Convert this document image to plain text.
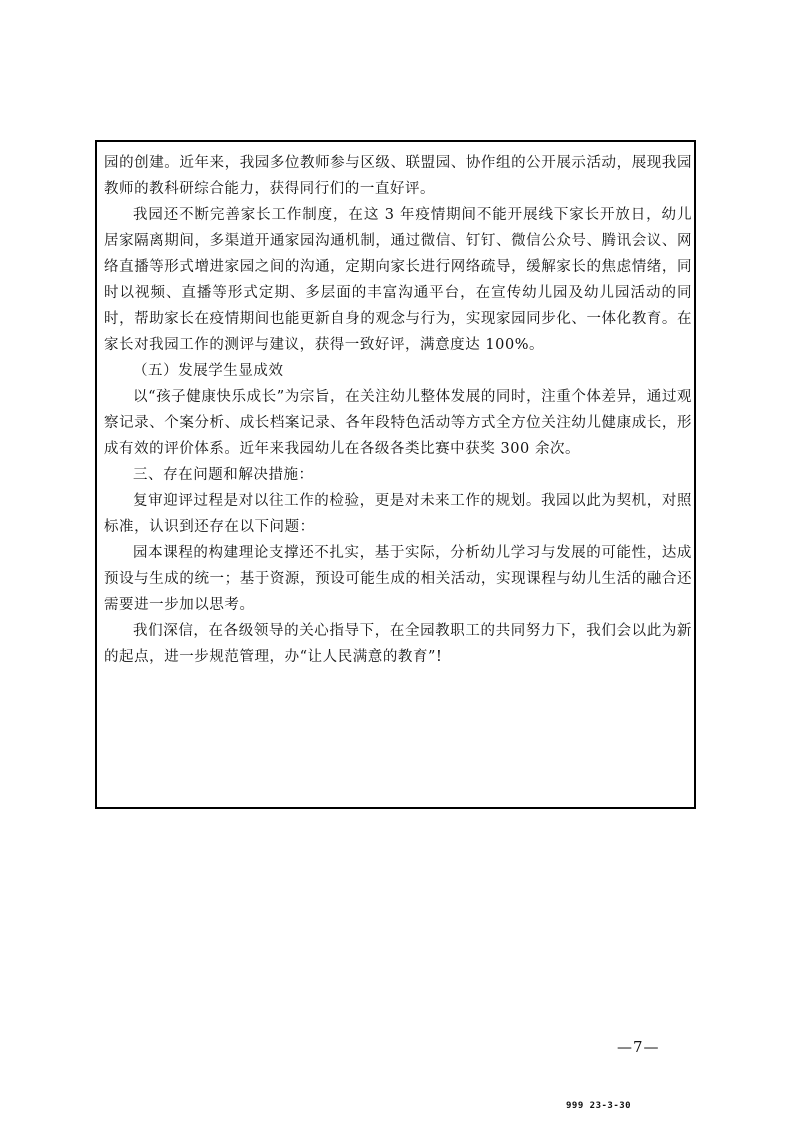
园的创建。近年来，我园多位教师参与区级、联盟园、协作组的公开展示活动，展现我园教师的教科研综合能力，获得同行们的一直好评。

我园还不断完善家长工作制度，在这 3 年疫情期间不能开展线下家长开放日，幼儿居家隔离期间，多渠道开通家园沟通机制，通过微信、钉钉、微信公众号、腾讯会议、网络直播等形式增进家园之间的沟通，定期向家长进行网络疏导，缓解家长的焦虑情绪，同时以视频、直播等形式定期、多层面的丰富沟通平台，在宣传幼儿园及幼儿园活动的同时，帮助家长在疫情期间也能更新自身的观念与行为，实现家园同步化、一体化教育。在家长对我园工作的测评与建议，获得一致好评，满意度达 100%。

（五）发展学生显成效

以“孩子健康快乐成长”为宗旨，在关注幼儿整体发展的同时，注重个体差异，通过观察记录、个案分析、成长档案记录、各年段特色活动等方式全方位关注幼儿健康成长，形成有效的评价体系。近年来我园幼儿在各级各类比赛中获奖 300 余次。

三、存在问题和解决措施：

复审迎评过程是对以往工作的检验，更是对未来工作的规划。我园以此为契机，对照标准，认识到还存在以下问题：

园本课程的构建理论支撑还不扎实，基于实际，分析幼儿学习与发展的可能性，达成预设与生成的统一；基于资源，预设可能生成的相关活动，实现课程与幼儿生活的融合还需要进一步加以思考。

我们深信，在各级领导的关心指导下，在全园教职工的共同努力下，我们会以此为新的起点，进一步规范管理，办“让人民满意的教育”!

—7—
999 23-3-30
